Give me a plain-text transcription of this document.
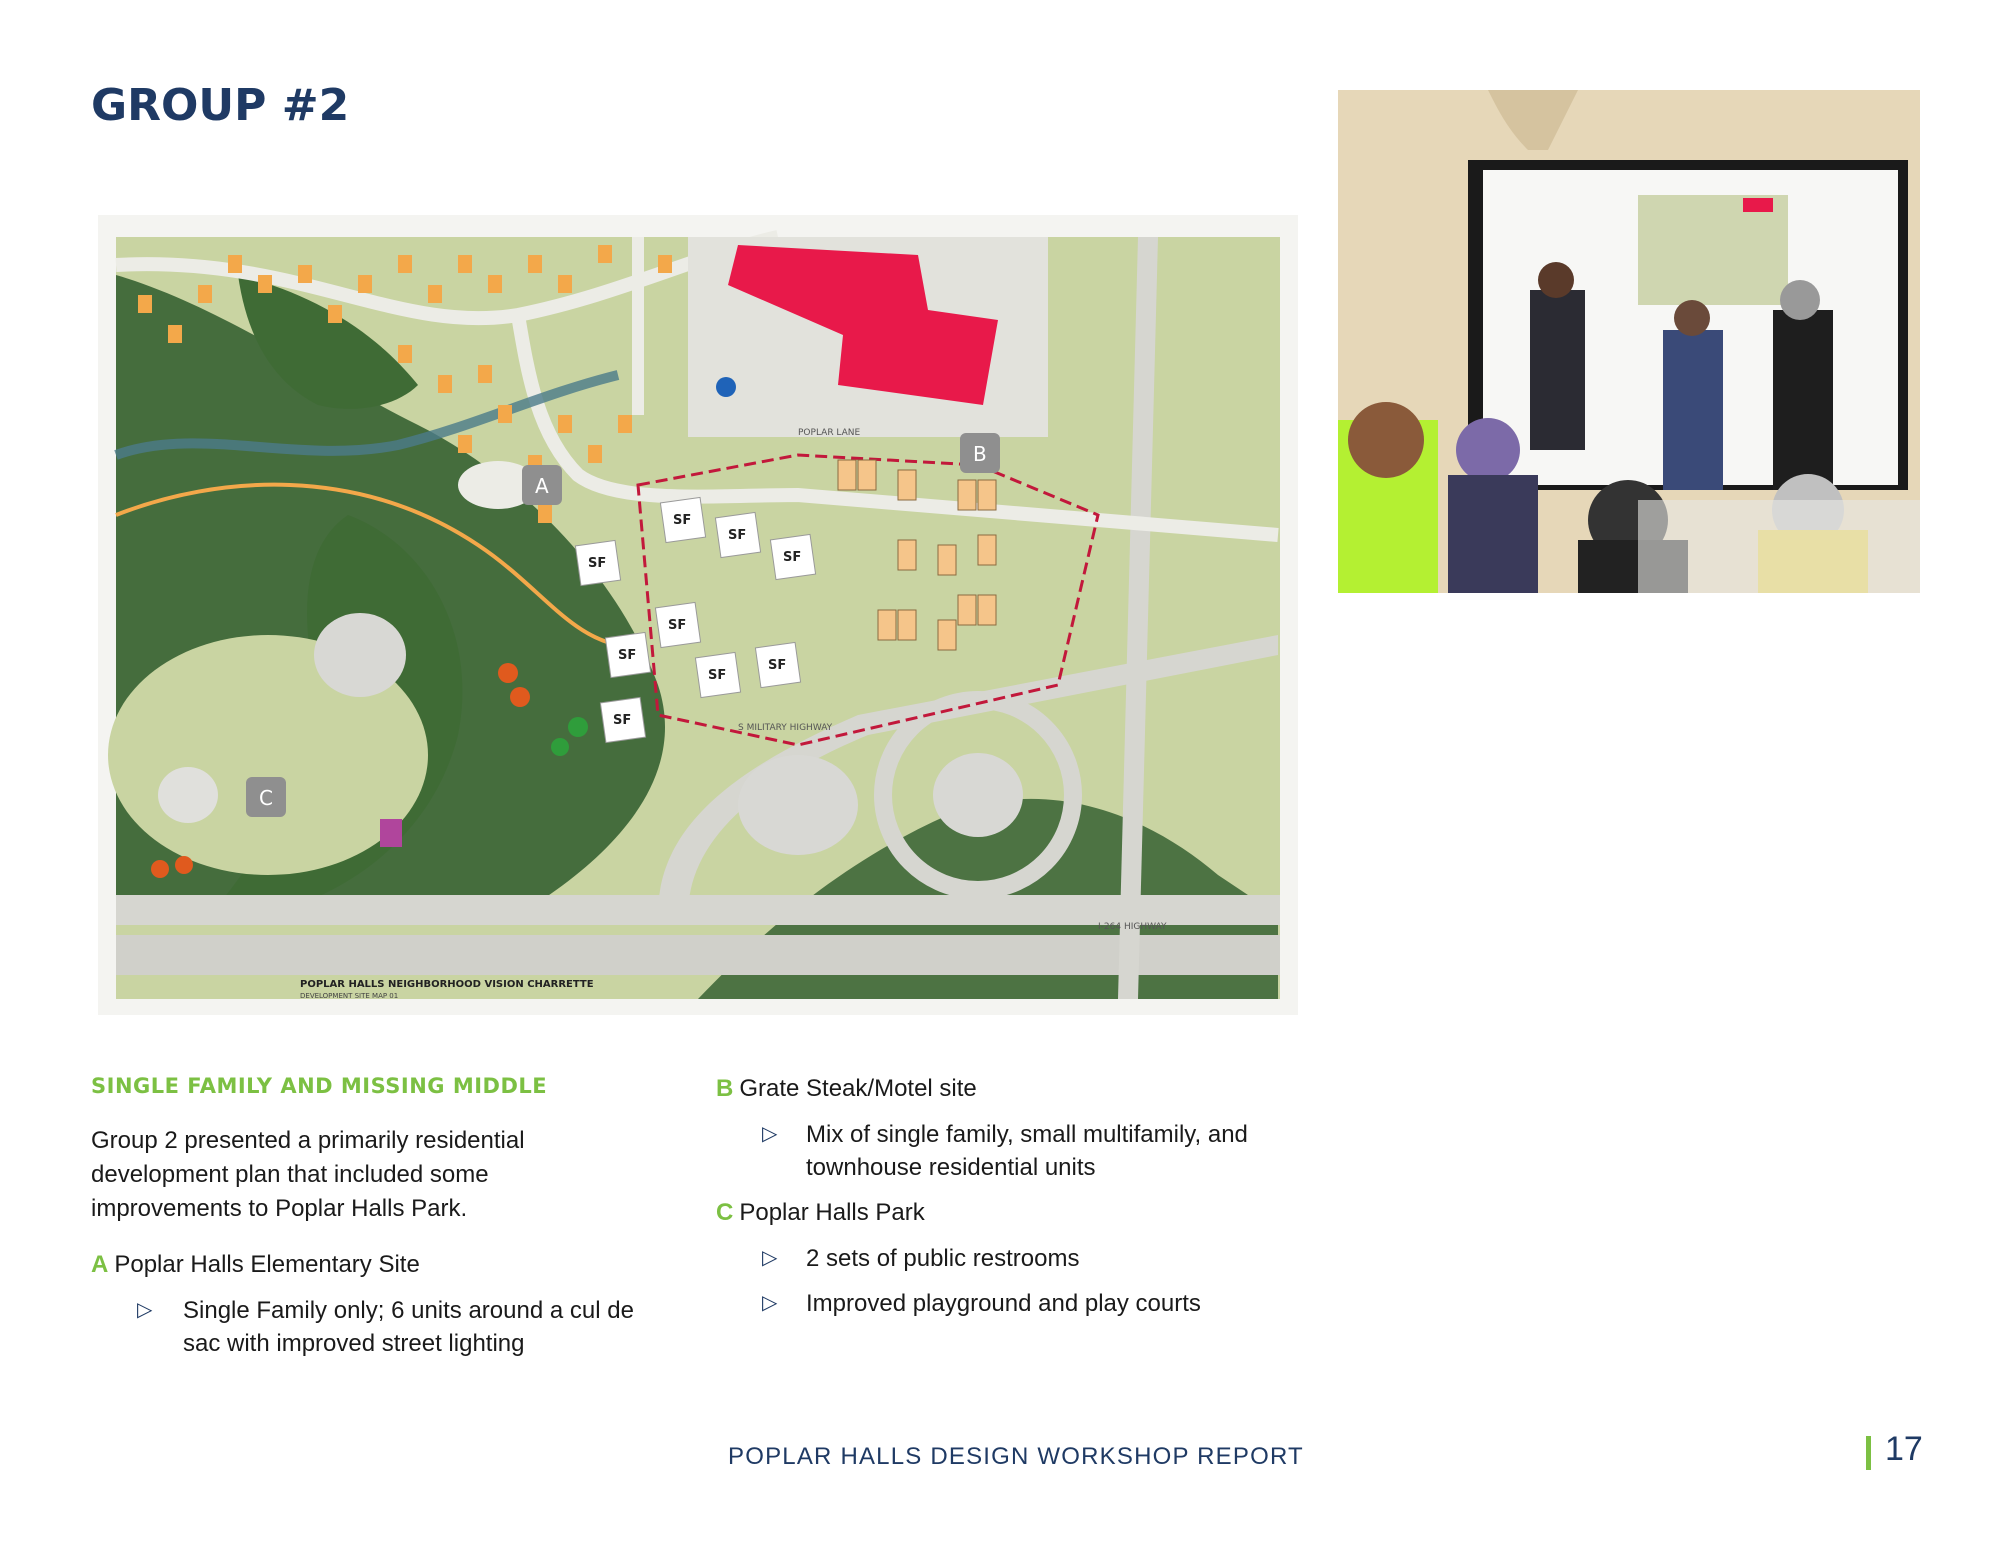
GROUP #2
SF
SF
SF
SF
SF
SF
SF
SF
SF
POPLAR LANE
S MILITARY HIGHWAY
I-264 HIGHWAY
POPLAR HALLS NEIGHBORHOOD VISION CHARRETTE
DEVELOPMENT SITE MAP 01
A
B
C
SINGLE FAMILY AND MISSING MIDDLE

Group 2 presented a primarily residential development plan that included some improvements to Poplar Halls Park.

A Poplar Halls Elementary Site
▷ Single Family only; 6 units around a cul de sac with improved street lighting
B Grate Steak/Motel site
▷ Mix of single family, small multifamily, and townhouse residential units
C Poplar Halls Park
▷ 2 sets of public restrooms
▷ Improved playground and play courts
POPLAR HALLS DESIGN WORKSHOP REPORT	17
